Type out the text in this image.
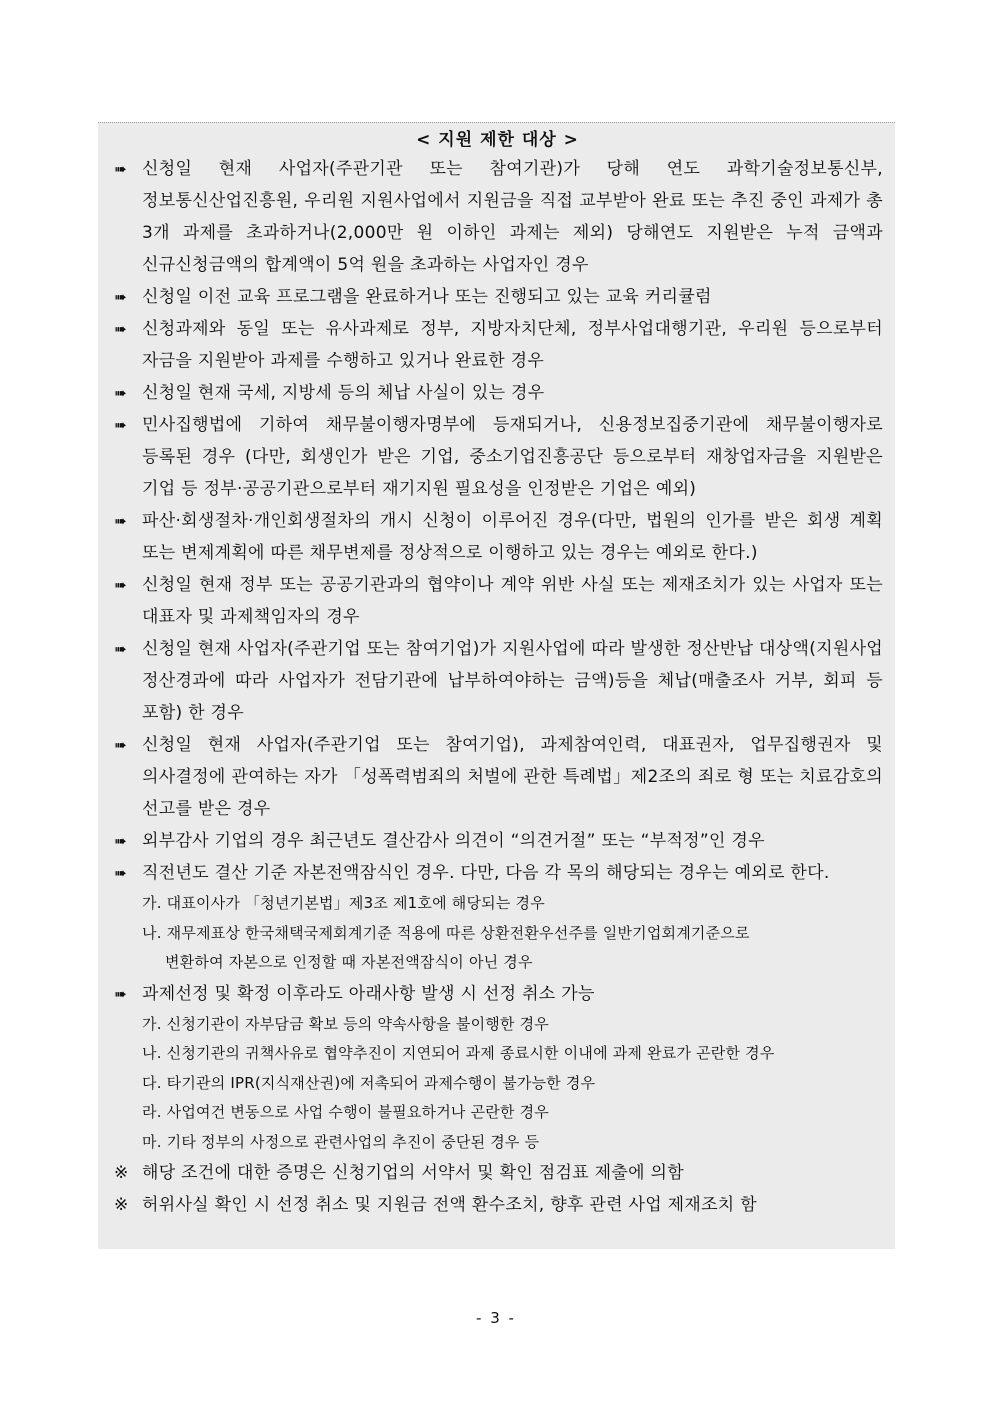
< 지원 제한 대상 >
➠	신청일 현재 사업자(주관기관 또는 참여기관)가 당해 연도 과학기술정보통신부, 정보통신산업진흥원, 우리원 지원사업에서 지원금을 직접 교부받아 완료 또는 추진 중인 과제가 총 3개 과제를 초과하거나(2,000만 원 이하인 과제는 제외) 당해연도 지원받은 누적 금액과 신규신청금액의 합계액이 5억 원을 초과하는 사업자인 경우
➠	신청일 이전 교육 프로그램을 완료하거나 또는 진행되고 있는 교육 커리큘럼
➠	신청과제와 동일 또는 유사과제로 정부, 지방자치단체, 정부사업대행기관, 우리원 등으로부터 자금을 지원받아 과제를 수행하고 있거나 완료한 경우
➠	신청일 현재 국세, 지방세 등의 체납 사실이 있는 경우
➠	민사집행법에 기하여 채무불이행자명부에 등재되거나, 신용정보집중기관에 채무불이행자로 등록된 경우 (다만, 회생인가 받은 기업, 중소기업진흥공단 등으로부터 재창업자금을 지원받은 기업 등 정부·공공기관으로부터 재기지원 필요성을 인정받은 기업은 예외)
➠	파산·회생절차·개인회생절차의 개시 신청이 이루어진 경우(다만, 법원의 인가를 받은 회생 계획 또는 변제계획에 따른 채무변제를 정상적으로 이행하고 있는 경우는 예외로 한다.)
➠	신청일 현재 정부 또는 공공기관과의 협약이나 계약 위반 사실 또는 제재조치가 있는 사업자 또는 대표자 및 과제책임자의 경우
➠	신청일 현재 사업자(주관기업 또는 참여기업)가 지원사업에 따라 발생한 정산반납 대상액(지원사업 정산경과에 따라 사업자가 전담기관에 납부하여야하는 금액)등을 체납(매출조사 거부, 회피 등 포함) 한 경우
➠	신청일 현재 사업자(주관기업 또는 참여기업), 과제참여인력, 대표권자, 업무집행권자 및 의사결정에 관여하는 자가 「성폭력범죄의 처벌에 관한 특례법」제2조의 죄로 형 또는 치료감호의 선고를 받은 경우
➠	외부감사 기업의 경우 최근년도 결산감사 의견이 “의견거절” 또는 “부적정”인 경우
➠	직전년도 결산 기준 자본전액잠식인 경우. 다만, 다음 각 목의 해당되는 경우는 예외로 한다.
가. 대표이사가 「청년기본법」제3조 제1호에 해당되는 경우
나. 재무제표상 한국채택국제회계기준 적용에 따른 상환전환우선주를 일반기업회계기준으로
변환하여 자본으로 인정할 때 자본전액잠식이 아닌 경우
➠	과제선정 및 확정 이후라도 아래사항 발생 시 선정 취소 가능
가. 신청기관이 자부담금 확보 등의 약속사항을 불이행한 경우
나. 신청기관의 귀책사유로 협약추진이 지연되어 과제 종료시한 이내에 과제 완료가 곤란한 경우
다. 타기관의 IPR(지식재산권)에 저촉되어 과제수행이 불가능한 경우
라. 사업여건 변동으로 사업 수행이 불필요하거나 곤란한 경우
마. 기타 정부의 사정으로 관련사업의 추진이 중단된 경우 등
※ 해당 조건에 대한 증명은 신청기업의 서약서 및 확인 점검표 제출에 의함
※ 허위사실 확인 시 선정 취소 및 지원금 전액 환수조치, 향후 관련 사업 제재조치 함
- 3 -
